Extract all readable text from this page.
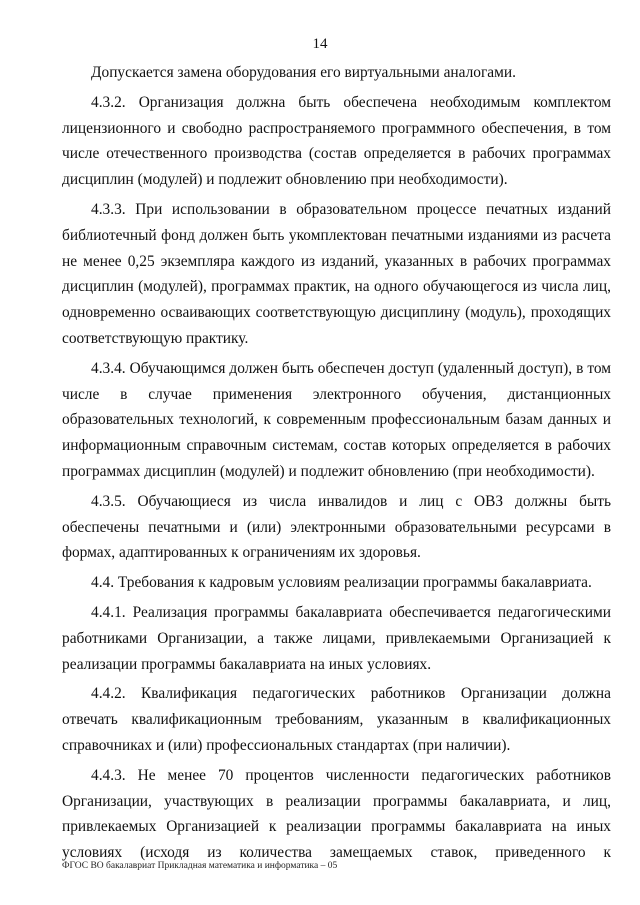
14

Допускается замена оборудования его виртуальными аналогами.

4.3.2. Организация должна быть обеспечена необходимым комплектом лицензионного и свободно распространяемого программного обеспечения, в том числе отечественного производства (состав определяется в рабочих программах дисциплин (модулей) и подлежит обновлению при необходимости).

4.3.3. При использовании в образовательном процессе печатных изданий библиотечный фонд должен быть укомплектован печатными изданиями из расчета не менее 0,25 экземпляра каждого из изданий, указанных в рабочих программах дисциплин (модулей), программах практик, на одного обучающегося из числа лиц, одновременно осваивающих соответствующую дисциплину (модуль), проходящих соответствующую практику.

4.3.4. Обучающимся должен быть обеспечен доступ (удаленный доступ), в том числе в случае применения электронного обучения, дистанционных образовательных технологий, к современным профессиональным базам данных и информационным справочным системам, состав которых определяется в рабочих программах дисциплин (модулей) и подлежит обновлению (при необходимости).

4.3.5. Обучающиеся из числа инвалидов и лиц с ОВЗ должны быть обеспечены печатными и (или) электронными образовательными ресурсами в формах, адаптированных к ограничениям их здоровья.

4.4. Требования к кадровым условиям реализации программы бакалавриата.

4.4.1. Реализация программы бакалавриата обеспечивается педагогическими работниками Организации, а также лицами, привлекаемыми Организацией к реализации программы бакалавриата на иных условиях.

4.4.2. Квалификация педагогических работников Организации должна отвечать квалификационным требованиям, указанным в квалификационных справочниках и (или) профессиональных стандартах (при наличии).

4.4.3. Не менее 70 процентов численности педагогических работников Организации, участвующих в реализации программы бакалавриата, и лиц, привлекаемых Организацией к реализации программы бакалавриата на иных условиях (исходя из количества замещаемых ставок, приведенного к

ФГОС ВО бакалавриат Прикладная математика и информатика – 05
